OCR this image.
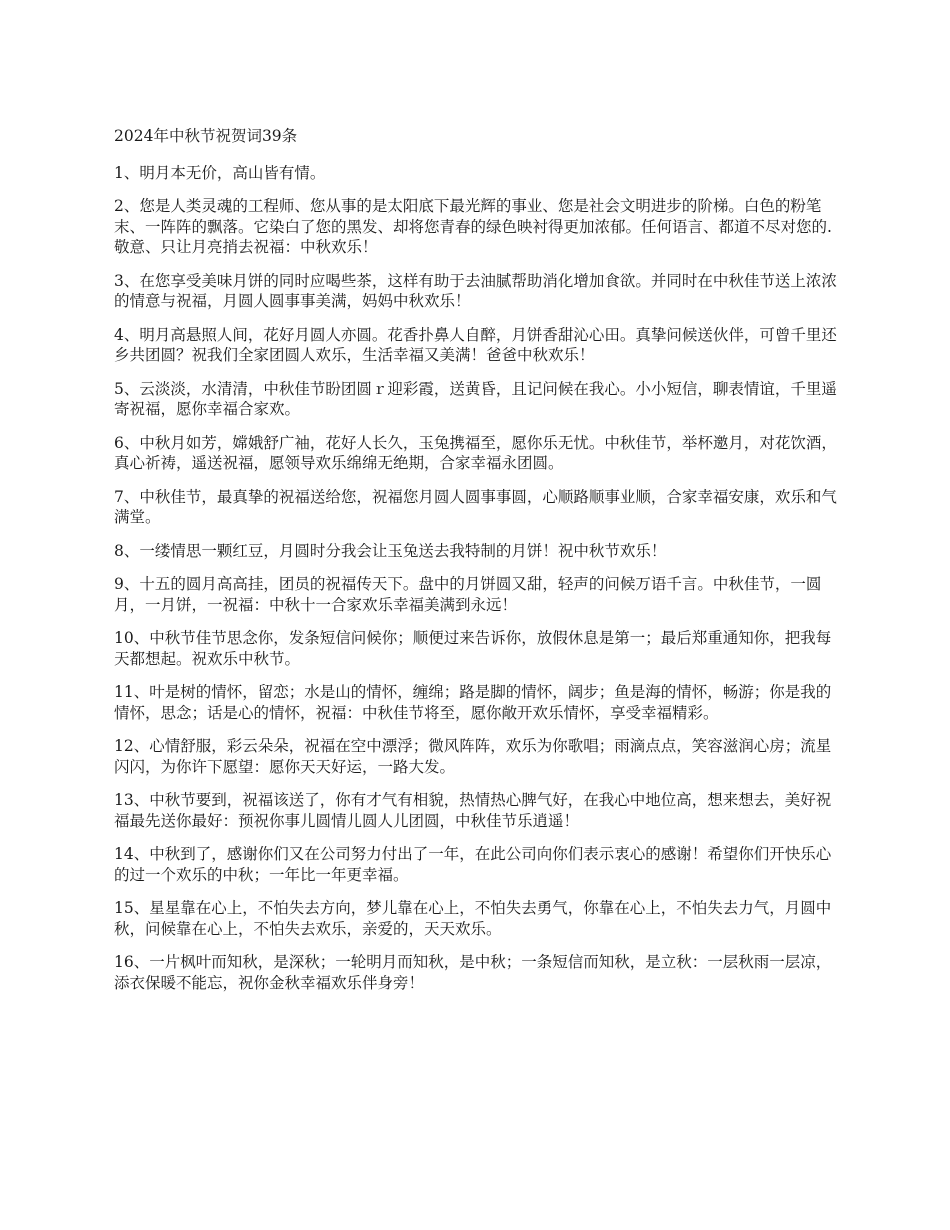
2024年中秋节祝贺词39条

1、明月本无价，高山皆有情。

2、您是人类灵魂的工程师、您从事的是太阳底下最光辉的事业、您是社会文明进步的阶梯。白色的粉笔末、一阵阵的飘落。它染白了您的黑发、却将您青春的绿色映衬得更加浓郁。任何语言、都道不尽对您的.敬意、只让月亮捎去祝福：中秋欢乐！

3、在您享受美味月饼的同时应喝些茶，这样有助于去油腻帮助消化增加食欲。并同时在中秋佳节送上浓浓的情意与祝福，月圆人圆事事美满，妈妈中秋欢乐！

4、明月高悬照人间，花好月圆人亦圆。花香扑鼻人自醉，月饼香甜沁心田。真挚问候送伙伴，可曾千里还乡共团圆？祝我们全家团圆人欢乐，生活幸福又美满！爸爸中秋欢乐！

5、云淡淡，水清清，中秋佳节盼团圆ｒ迎彩霞，送黄昏，且记问候在我心。小小短信，聊表情谊，千里遥寄祝福，愿你幸福合家欢。

6、中秋月如芳，嫦娥舒广袖，花好人长久，玉兔携福至，愿你乐无忧。中秋佳节，举杯邀月，对花饮酒，真心祈祷，遥送祝福，愿领导欢乐绵绵无绝期，合家幸福永团圆。

7、中秋佳节，最真挚的祝福送给您，祝福您月圆人圆事事圆，心顺路顺事业顺，合家幸福安康，欢乐和气满堂。

8、一缕情思一颗红豆，月圆时分我会让玉兔送去我特制的月饼！祝中秋节欢乐！

9、十五的圆月高高挂，团员的祝福传天下。盘中的月饼圆又甜，轻声的问候万语千言。中秋佳节，一圆月，一月饼，一祝福：中秋十一合家欢乐幸福美满到永远！

10、中秋节佳节思念你，发条短信问候你；顺便过来告诉你，放假休息是第一；最后郑重通知你，把我每天都想起。祝欢乐中秋节。

11、叶是树的情怀，留恋；水是山的情怀，缠绵；路是脚的情怀，阔步；鱼是海的情怀，畅游；你是我的情怀，思念；话是心的情怀，祝福：中秋佳节将至，愿你敞开欢乐情怀，享受幸福精彩。

12、心情舒服，彩云朵朵，祝福在空中漂浮；微风阵阵，欢乐为你歌唱；雨滴点点，笑容滋润心房；流星闪闪，为你许下愿望：愿你天天好运，一路大发。

13、中秋节要到，祝福该送了，你有才气有相貌，热情热心脾气好，在我心中地位高，想来想去，美好祝福最先送你最好：预祝你事儿圆情儿圆人儿团圆，中秋佳节乐逍遥！

14、中秋到了，感谢你们又在公司努力付出了一年，在此公司向你们表示衷心的感谢！希望你们开快乐心的过一个欢乐的中秋；一年比一年更幸福。

15、星星靠在心上，不怕失去方向，梦儿靠在心上，不怕失去勇气，你靠在心上，不怕失去力气，月圆中秋，问候靠在心上，不怕失去欢乐，亲爱的，天天欢乐。

16、一片枫叶而知秋，是深秋；一轮明月而知秋，是中秋；一条短信而知秋，是立秋：一层秋雨一层凉，添衣保暖不能忘，祝你金秋幸福欢乐伴身旁！
